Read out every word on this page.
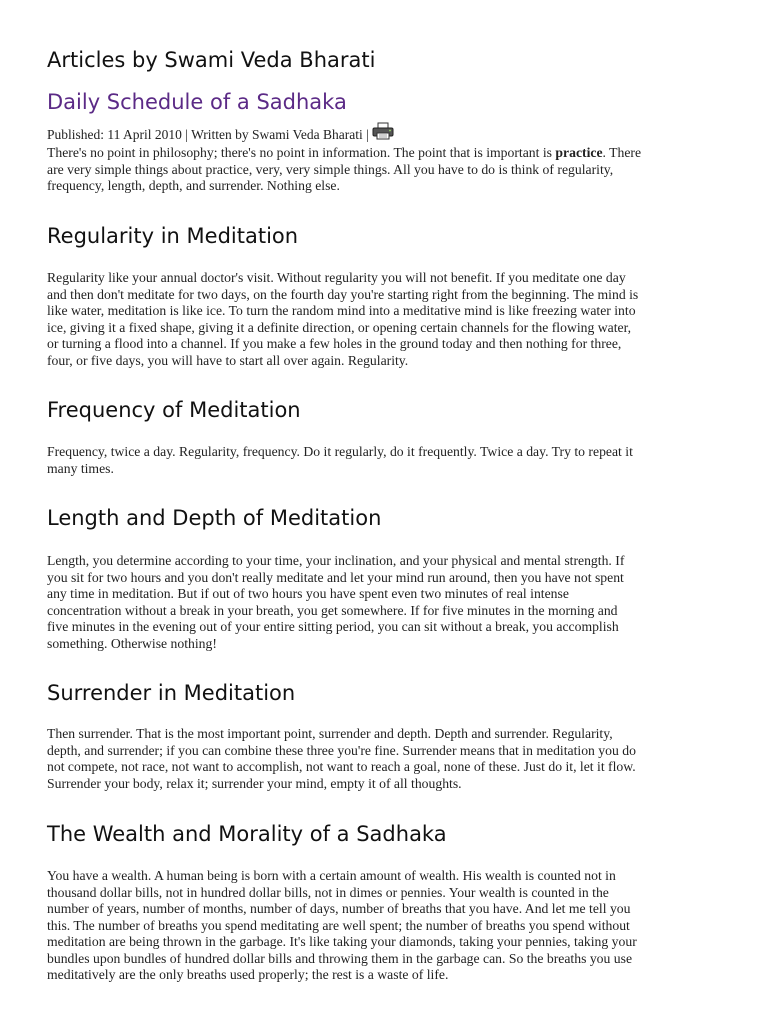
Articles by Swami Veda Bharati
Daily Schedule of a Sadhaka
Published: 11 April 2010 | Written by Swami Veda Bharati |
There's no point in philosophy; there's no point in information. The point that is important is practice. There
are very simple things about practice, very, very simple things. All you have to do is think of regularity,
frequency, length, depth, and surrender. Nothing else.
Regularity in Meditation
Regularity like your annual doctor's visit. Without regularity you will not benefit. If you meditate one day
and then don't meditate for two days, on the fourth day you're starting right from the beginning. The mind is
like water, meditation is like ice. To turn the random mind into a meditative mind is like freezing water into
ice, giving it a fixed shape, giving it a definite direction, or opening certain channels for the flowing water,
or turning a flood into a channel. If you make a few holes in the ground today and then nothing for three,
four, or five days, you will have to start all over again. Regularity.
Frequency of Meditation
Frequency, twice a day. Regularity, frequency. Do it regularly, do it frequently. Twice a day. Try to repeat it
many times.
Length and Depth of Meditation
Length, you determine according to your time, your inclination, and your physical and mental strength. If
you sit for two hours and you don't really meditate and let your mind run around, then you have not spent
any time in meditation. But if out of two hours you have spent even two minutes of real intense
concentration without a break in your breath, you get somewhere. If for five minutes in the morning and
five minutes in the evening out of your entire sitting period, you can sit without a break, you accomplish
something. Otherwise nothing!
Surrender in Meditation
Then surrender. That is the most important point, surrender and depth. Depth and surrender. Regularity,
depth, and surrender; if you can combine these three you're fine. Surrender means that in meditation you do
not compete, not race, not want to accomplish, not want to reach a goal, none of these. Just do it, let it flow.
Surrender your body, relax it; surrender your mind, empty it of all thoughts.
The Wealth and Morality of a Sadhaka
You have a wealth. A human being is born with a certain amount of wealth. His wealth is counted not in
thousand dollar bills, not in hundred dollar bills, not in dimes or pennies. Your wealth is counted in the
number of years, number of months, number of days, number of breaths that you have. And let me tell you
this. The number of breaths you spend meditating are well spent; the number of breaths you spend without
meditation are being thrown in the garbage. It's like taking your diamonds, taking your pennies, taking your
bundles upon bundles of hundred dollar bills and throwing them in the garbage can. So the breaths you use
meditatively are the only breaths used properly; the rest is a waste of life.
